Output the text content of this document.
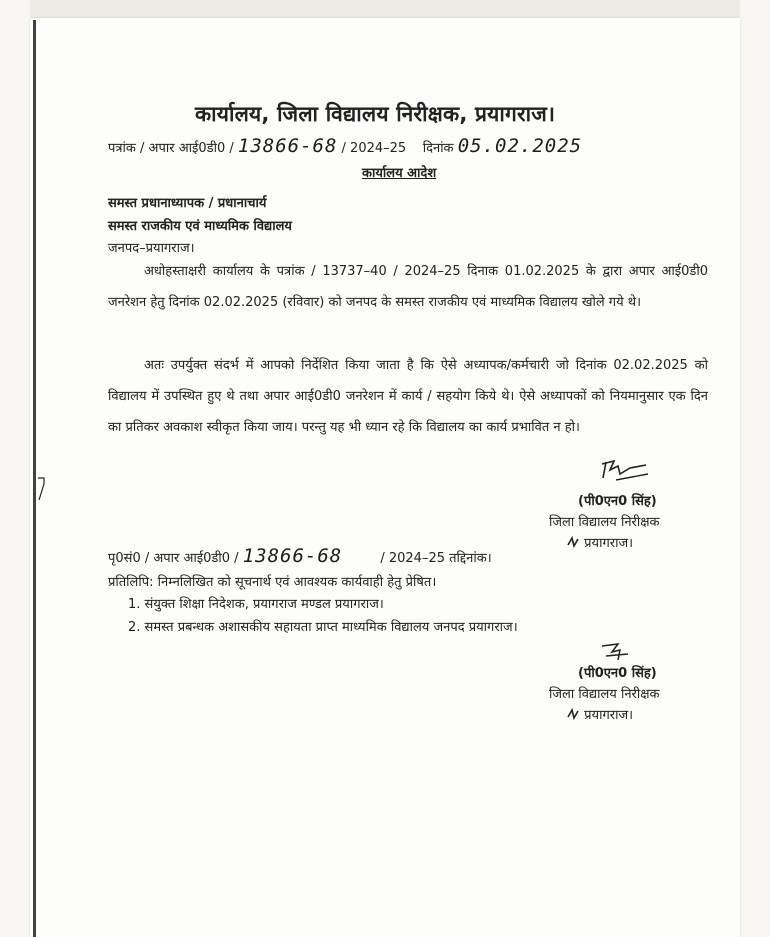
कार्यालय, जिला विद्यालय निरीक्षक, प्रयागराज।
पत्रांक / अपार आई0डी0 / 13866-68 / 2024–25 दिनांक 05.02.2025
कार्यालय आदेश
समस्त प्रधानाध्यापक / प्रधानाचार्य
समस्त राजकीय एवं माध्यमिक विद्यालय
जनपद–प्रयागराज।
अधोहस्ताक्षरी कार्यालय के पत्रांक / 13737–40 / 2024–25 दिनाक 01.02.2025 के द्वारा अपार आई0डी0 जनरेशन हेतु दिनांक 02.02.2025 (रविवार) को जनपद के समस्त राजकीय एवं माध्यमिक विद्यालय खोले गये थे।
अतः उपर्युक्त संदर्भ में आपको निर्देशित किया जाता है कि ऐसे अध्यापक/कर्मचारी जो दिनांक 02.02.2025 को विद्यालय में उपस्थित हुए थे तथा अपार आई0डी0 जनरेशन में कार्य / सहयोग किये थे। ऐसे अध्यापकों को नियमानुसार एक दिन का प्रतिकर अवकाश स्वीकृत किया जाय। परन्तु यह भी ध्यान रहे कि विद्यालय का कार्य प्रभावित न हो।
(पी0एन0 सिंह)
जिला विद्यालय निरीक्षक
प्रयागराज।
पृ0सं0 / अपार आई0डी0 / 13866-68	/ 2024–25 तद्दिनांक।
प्रतिलिपि: निम्नलिखित को सूचनार्थ एवं आवश्यक कार्यवाही हेतु प्रेषित।
1. संयुक्त शिक्षा निदेशक, प्रयागराज मण्डल प्रयागराज।
2. समस्त प्रबन्धक अशासकीय सहायता प्राप्त माध्यमिक विद्यालय जनपद प्रयागराज।
(पी0एन0 सिंह)
जिला विद्यालय निरीक्षक
प्रयागराज।
